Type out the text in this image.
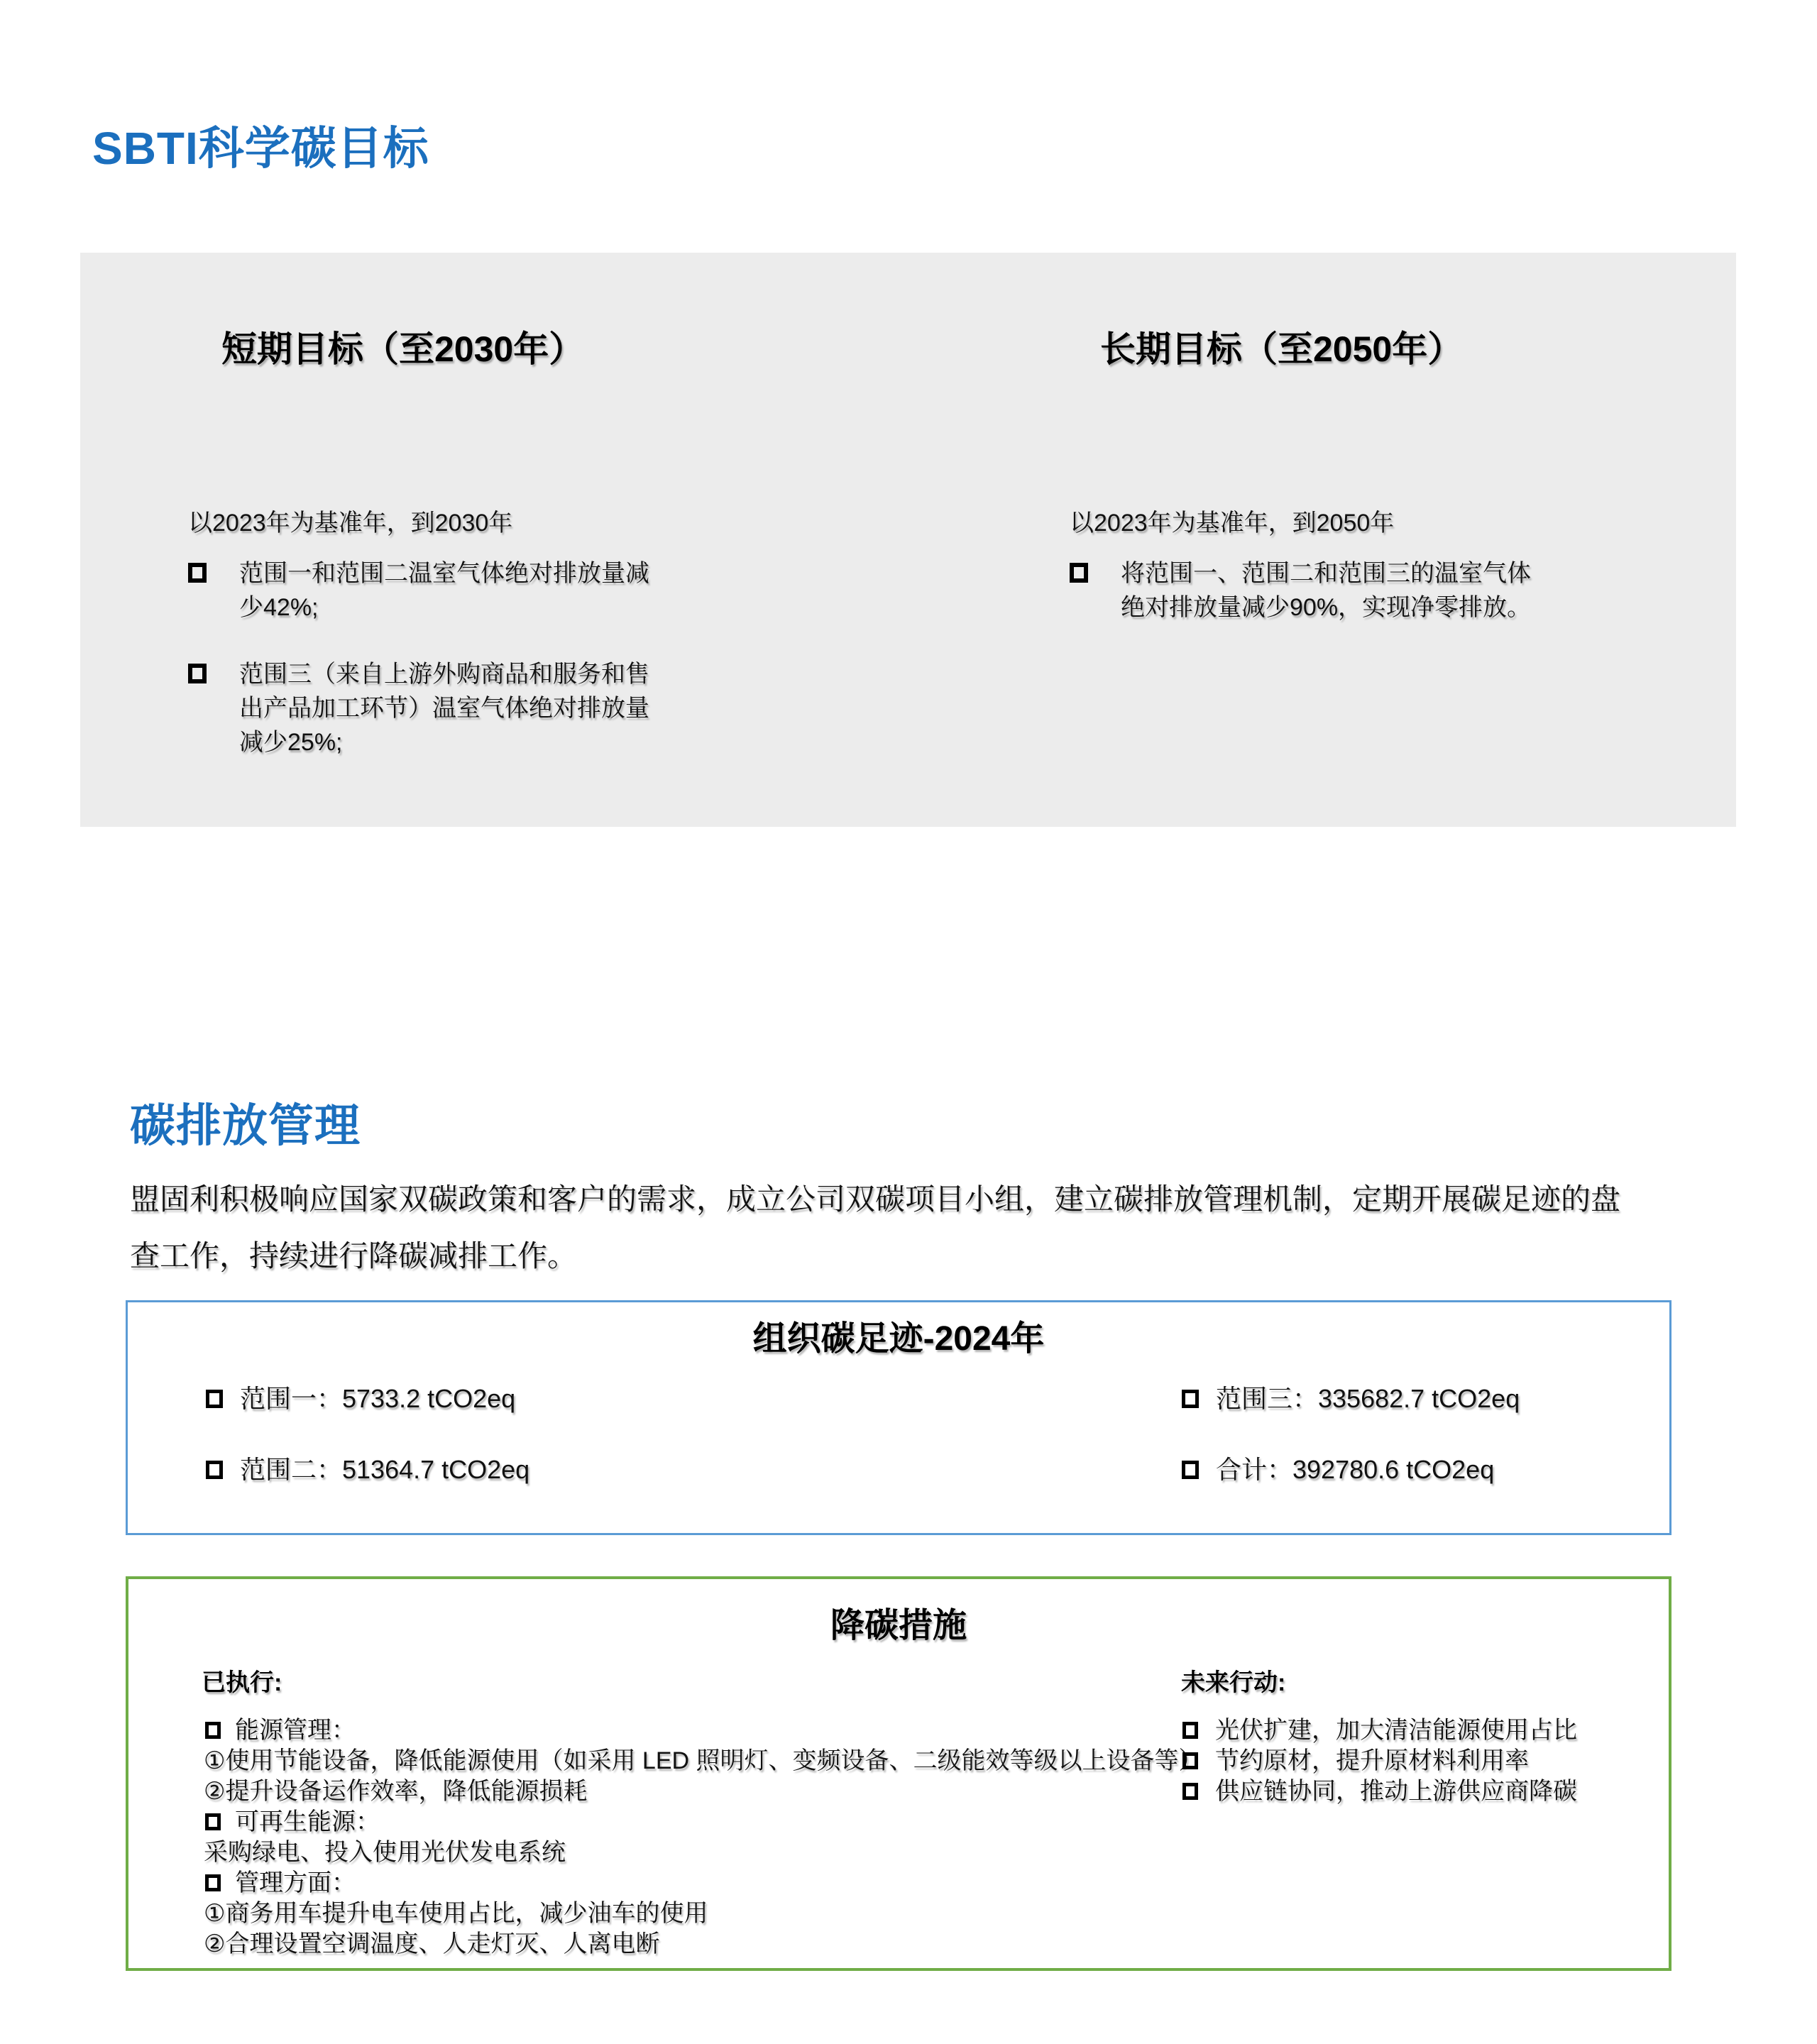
SBTI科学碳目标
短期目标（至2030年）	长期目标（至2050年）
以2023年为基准年，到2030年	以2023年为基准年，到2050年
范围一和范围二温室气体绝对排放量减少42%;
范围三（来自上游外购商品和服务和售出产品加工环节）温室气体绝对排放量减少25%;
将范围一、范围二和范围三的温室气体绝对排放量减少90%，实现净零排放。
碳排放管理
盟固利积极响应国家双碳政策和客户的需求，成立公司双碳项目小组，建立碳排放管理机制，定期开展碳足迹的盘查工作，持续进行降碳减排工作。
组织碳足迹-2024年
范围一：5733.2 tCO2eq
范围二：51364.7 tCO2eq
范围三：335682.7 tCO2eq
合计：392780.6 tCO2eq
降碳措施
已执行:	未来行动:
能源管理：
①使用节能设备，降低能源使用（如采用 LED 照明灯、变频设备、二级能效等级以上设备等）
②提升设备运作效率，降低能源损耗
可再生能源：
采购绿电、投入使用光伏发电系统
管理方面：
①商务用车提升电车使用占比，减少油车的使用
②合理设置空调温度、人走灯灭、人离电断
光伏扩建，加大清洁能源使用占比
节约原材，提升原材料利用率
供应链协同，推动上游供应商降碳
